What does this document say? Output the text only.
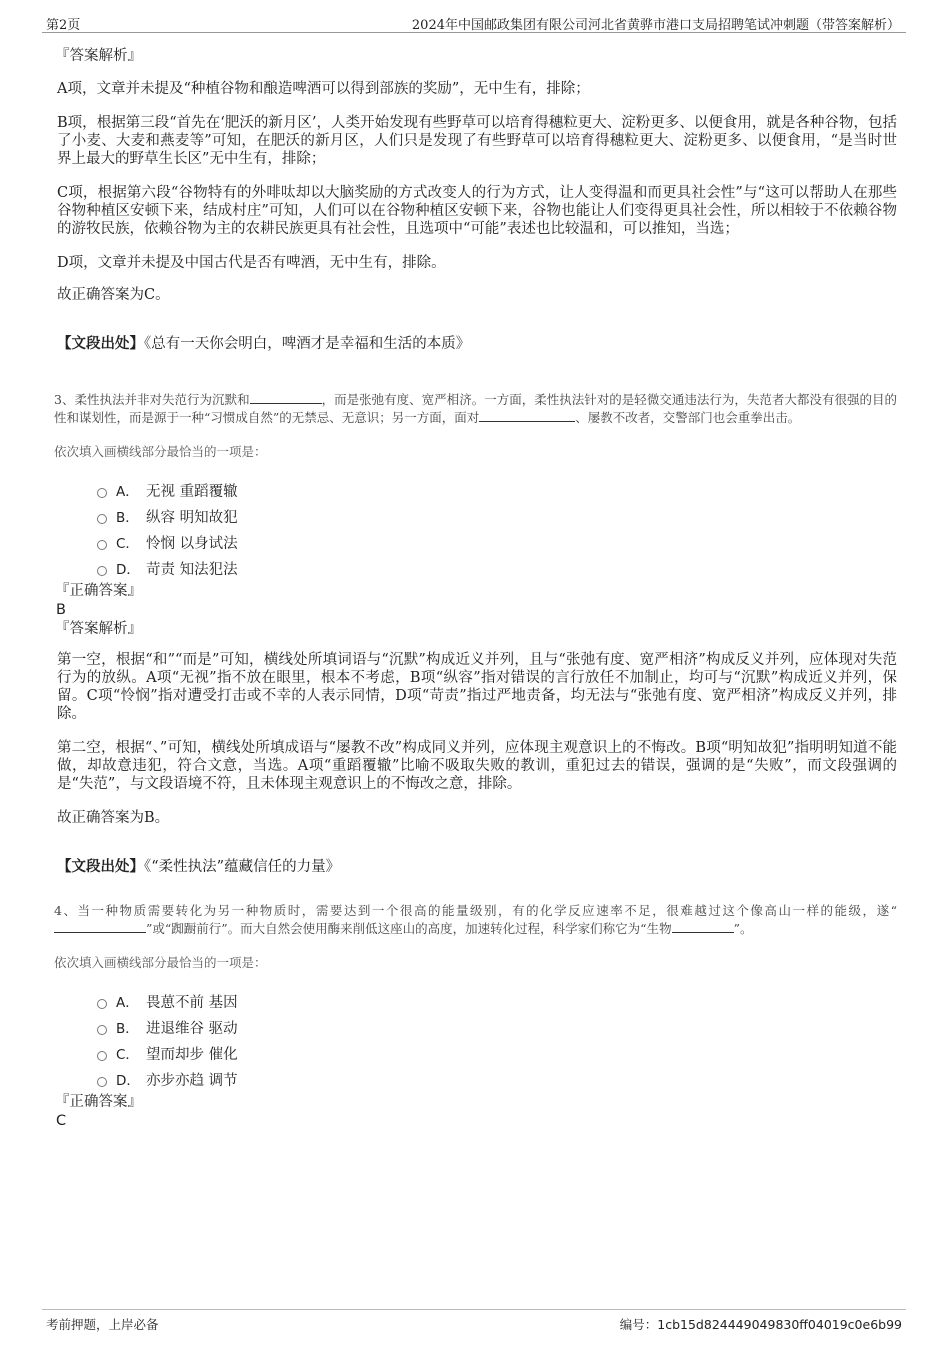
第2页	2024年中国邮政集团有限公司河北省黄骅市港口支局招聘笔试冲刺题（带答案解析）
『答案解析』

A项，文章并未提及“种植谷物和酿造啤酒可以得到部族的奖励”，无中生有，排除；

B项，根据第三段“首先在‘肥沃的新月区’，人类开始发现有些野草可以培育得穗粒更大、淀粉更多、以便食用，就是各种谷物，包括了小麦、大麦和燕麦等”可知，在肥沃的新月区，人们只是发现了有些野草可以培育得穗粒更大、淀粉更多、以便食用，“是当时世界上最大的野草生长区”无中生有，排除；

C项，根据第六段“谷物特有的外啡呔却以大脑奖励的方式改变人的行为方式，让人变得温和而更具社会性”与“这可以帮助人在那些谷物种植区安顿下来，结成村庄”可知，人们可以在谷物种植区安顿下来，谷物也能让人们变得更具社会性，所以相较于不依赖谷物的游牧民族，依赖谷物为主的农耕民族更具有社会性，且选项中“可能”表述也比较温和，可以推知，当选；

D项，文章并未提及中国古代是否有啤酒，无中生有，排除。

故正确答案为C。

【文段出处】《总有一天你会明白，啤酒才是幸福和生活的本质》

3、柔性执法并非对失范行为沉默和	，而是张弛有度、宽严相济。一方面，柔性执法针对的是轻微交通违法行为，失范者大都没有很强的目的性和谋划性，而是源于一种“习惯成自然”的无禁忌、无意识；另一方面，面对	、屡教不改者，交警部门也会重拳出击。

依次填入画横线部分最恰当的一项是：
A． 无视 重蹈覆辙
B． 纵容 明知故犯
C． 怜悯 以身试法
D． 苛责 知法犯法
『正确答案』
B
『答案解析』

第一空，根据“和”“而是”可知，横线处所填词语与“沉默”构成近义并列，且与“张弛有度、宽严相济”构成反义并列，应体现对失范行为的放纵。A项“无视”指不放在眼里，根本不考虑，B项“纵容”指对错误的言行放任不加制止，均可与“沉默”构成近义并列，保留。C项“怜悯”指对遭受打击或不幸的人表示同情，D项“苛责”指过严地责备，均无法与“张弛有度、宽严相济”构成反义并列，排除。

第二空，根据“、”可知，横线处所填成语与“屡教不改”构成同义并列，应体现主观意识上的不悔改。B项“明知故犯”指明明知道不能做，却故意违犯，符合文意，当选。A项“重蹈覆辙”比喻不吸取失败的教训，重犯过去的错误，强调的是“失败”，而文段强调的是“失范”，与文段语境不符，且未体现主观意识上的不悔改之意，排除。

故正确答案为B。

【文段出处】《“柔性执法”蕴藏信任的力量》

4、当一种物质需要转化为另一种物质时，需要达到一个很高的能量级别，有的化学反应速率不足，很难越过这个像高山一样的能级，遂“”或“踟蹰前行”。而大自然会使用酶来削低这座山的高度，加速转化过程，科学家们称它为“生物	”。

依次填入画横线部分最恰当的一项是：
A． 畏葸不前 基因
B． 进退维谷 驱动
C． 望而却步 催化
D． 亦步亦趋 调节
『正确答案』
C
考前押题，上岸必备	编号：1cb15d824449049830ff04019c0e6b99
